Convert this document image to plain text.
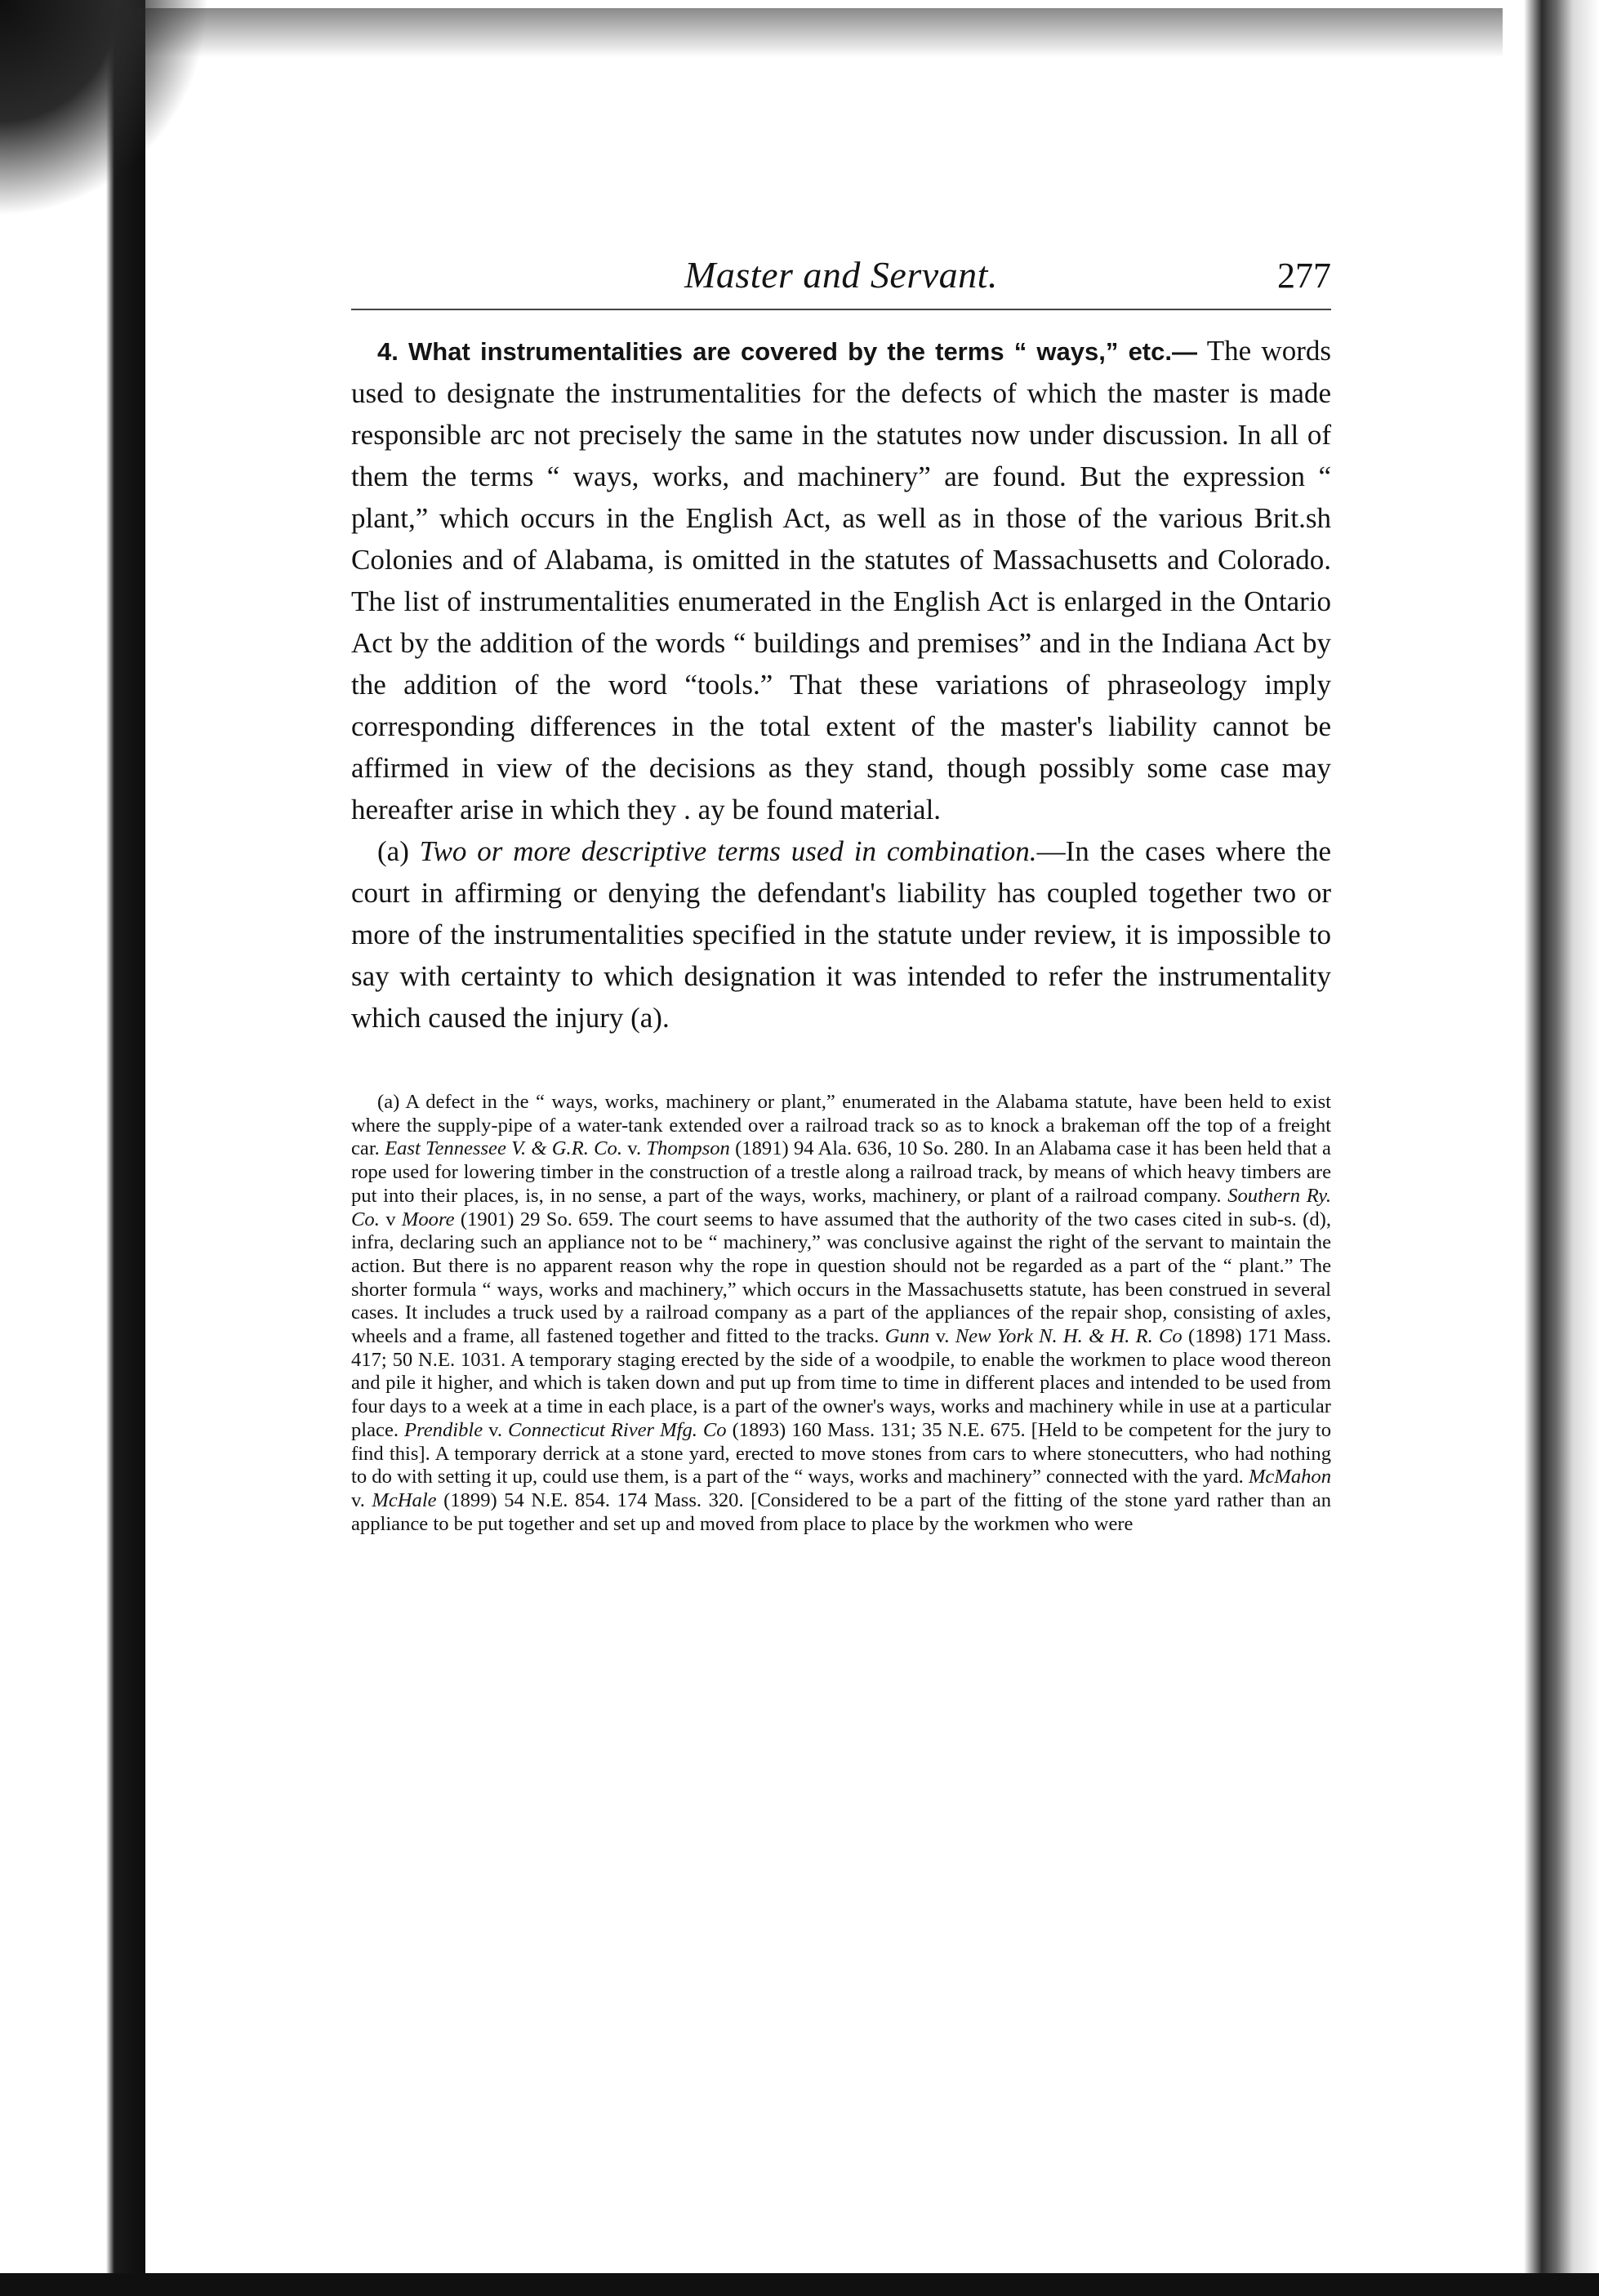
Master and Servant.	277

4. What instrumentalities are covered by the terms “ ways,” etc.— The words used to designate the instrumentalities for the defects of which the master is made responsible arc not precisely the same in the statutes now under discussion. In all of them the terms “ ways, works, and machinery” are found. But the expression “ plant,” which occurs in the English Act, as well as in those of the various Brit.sh Colonies and of Alabama, is omitted in the statutes of Massachusetts and Colorado. The list of instrumentalities enumerated in the English Act is enlarged in the Ontario Act by the addition of the words “ buildings and premises” and in the Indiana Act by the addition of the word “tools.” That these variations of phraseology imply corresponding differences in the total extent of the master's liability cannot be affirmed in view of the decisions as they stand, though possibly some case may hereafter arise in which they . ay be found material.

(a) Two or more descriptive terms used in combination.—In the cases where the court in affirming or denying the defendant's liability has coupled together two or more of the instrumentalities specified in the statute under review, it is impossible to say with certainty to which designation it was intended to refer the instrumentality which caused the injury (a).

(a) A defect in the “ ways, works, machinery or plant,” enumerated in the Alabama statute, have been held to exist where the supply-pipe of a water-tank extended over a railroad track so as to knock a brakeman off the top of a freight car. East Tennessee V. & G.R. Co. v. Thompson (1891) 94 Ala. 636, 10 So. 280. In an Alabama case it has been held that a rope used for lowering timber in the construction of a trestle along a railroad track, by means of which heavy timbers are put into their places, is, in no sense, a part of the ways, works, machinery, or plant of a railroad company. Southern Ry. Co. v Moore (1901) 29 So. 659. The court seems to have assumed that the authority of the two cases cited in sub-s. (d), infra, declaring such an appliance not to be “ machinery,” was conclusive against the right of the servant to maintain the action. But there is no apparent reason why the rope in question should not be regarded as a part of the “ plant.” The shorter formula “ ways, works and machinery,” which occurs in the Massachusetts statute, has been construed in several cases. It includes a truck used by a railroad company as a part of the appliances of the repair shop, consisting of axles, wheels and a frame, all fastened together and fitted to the tracks. Gunn v. New York N. H. & H. R. Co (1898) 171 Mass. 417; 50 N.E. 1031. A temporary staging erected by the side of a woodpile, to enable the workmen to place wood thereon and pile it higher, and which is taken down and put up from time to time in different places and intended to be used from four days to a week at a time in each place, is a part of the owner's ways, works and machinery while in use at a particular place. Prendible v. Connecticut River Mfg. Co (1893) 160 Mass. 131; 35 N.E. 675. [Held to be competent for the jury to find this]. A temporary derrick at a stone yard, erected to move stones from cars to where stonecutters, who had nothing to do with setting it up, could use them, is a part of the “ ways, works and machinery” connected with the yard. McMahon v. McHale (1899) 54 N.E. 854. 174 Mass. 320. [Considered to be a part of the fitting of the stone yard rather than an appliance to be put together and set up and moved from place to place by the workmen who were
